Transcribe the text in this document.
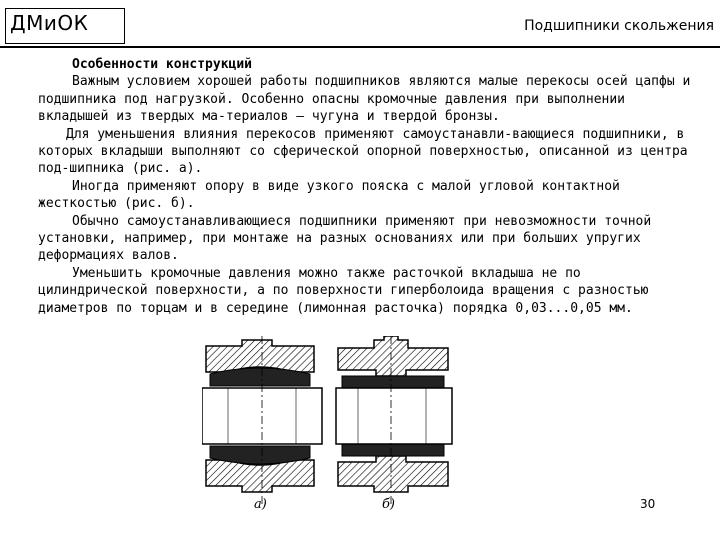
ДМиОК	Подшипники скольжения

Особенности конструкций

Важным условием хорошей работы подшипников являются малые перекосы осей цапфы и подшипника под нагрузкой. Особенно опасны кромочные давления при выполнении вкладышей из твердых ма-териалов – чугуна и твердой бронзы.

Для уменьшения влияния перекосов применяют самоустанавли-вающиеся подшипники, в которых вкладыши выполняют со сферической опорной поверхностью, описанной из центра под-шипника (рис. а).

Иногда применяют опору в виде узкого пояска с малой угловой контактной жесткостью (рис. б).

Обычно самоустанавливающиеся подшипники применяют при невозможности точной установки, например, при монтаже на разных основаниях или при больших упругих деформациях валов.

Уменьшить кромочные давления можно также расточкой вкладыша не по цилиндрической поверхности, а по поверхности гиперболоида вращения с разностью диаметров по торцам и в середине (лимонная расточка) порядка 0,03...0,05 мм.

а)	б)	30
